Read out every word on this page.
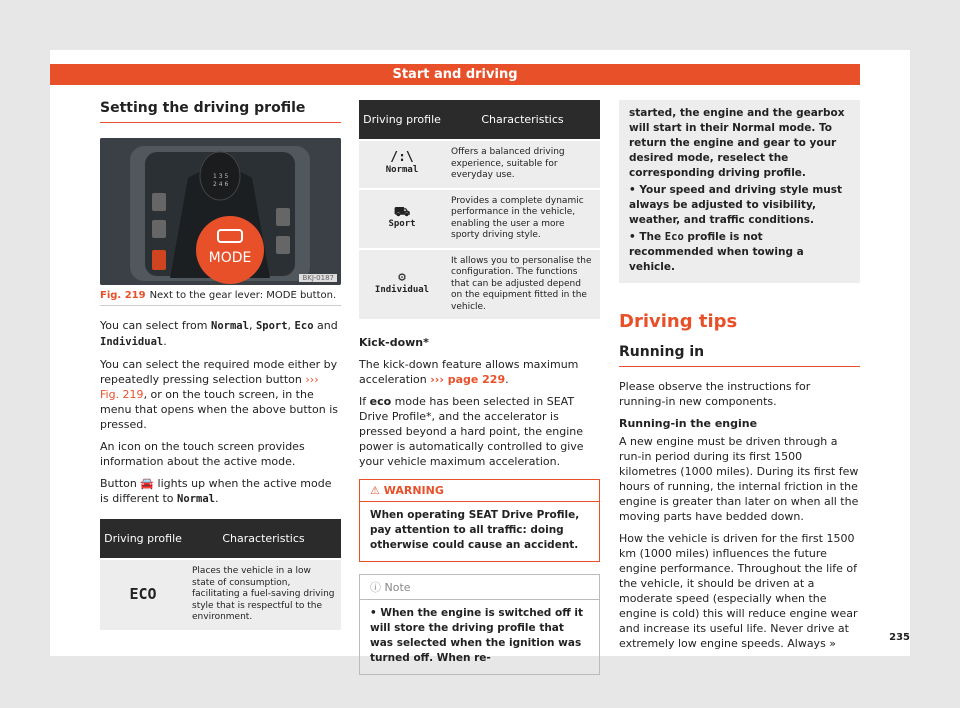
Start and driving
Setting the driving profile
1 3 5
2 4 6
MODE
BKJ-0187
Fig. 219 Next to the gear lever: MODE button.

You can select from Normal, Sport, Eco and Individual.

You can select the required mode either by repeatedly pressing selection button ››› Fig. 219, or on the touch screen, in the menu that opens when the above button is pressed.

An icon on the touch screen provides information about the active mode.

Button 🚘 lights up when the active mode is different to Normal.

Driving profile	Characteristics
ECO	Places the vehicle in a low state of consumption, facilitating a fuel-saving driving style that is respectful to the environment.
Driving profile	Characteristics

/:\
Normal	Offers a balanced driving experience, suitable for everyday use.

⛟
Sport	Provides a complete dynamic performance in the vehicle, enabling the user a more sporty driving style.

⚙
Individual	It allows you to personalise the configuration. The functions that can be adjusted depend on the equipment fitted in the vehicle.

Kick-down*

The kick-down feature allows maximum acceleration ››› page 229.

If eco mode has been selected in SEAT Drive Profile*, and the accelerator is pressed beyond a hard point, the engine power is automatically controlled to give your vehicle maximum acceleration.

⚠ WARNING
When operating SEAT Drive Profile, pay attention to all traffic: doing otherwise could cause an accident.
ⓘ Note
• When the engine is switched off it will store the driving profile that was selected when the ignition was turned off. When re-
started, the engine and the gearbox will start in their Normal mode. To return the engine and gear to your desired mode, reselect the corresponding driving profile.
• Your speed and driving style must always be adjusted to visibility, weather, and traffic conditions.
• The Eco profile is not recommended when towing a vehicle.
Driving tips
Running in

Please observe the instructions for running-in new components.

Running-in the engine

A new engine must be driven through a run-in period during its first 1500 kilometres (1000 miles). During its first few hours of running, the internal friction in the engine is greater than later on when all the moving parts have bedded down.

How the vehicle is driven for the first 1500 km (1000 miles) influences the future engine performance. Throughout the life of the vehicle, it should be driven at a moderate speed (especially when the engine is cold) this will reduce engine wear and increase its useful life. Never drive at extremely low engine speeds. Always »	235
